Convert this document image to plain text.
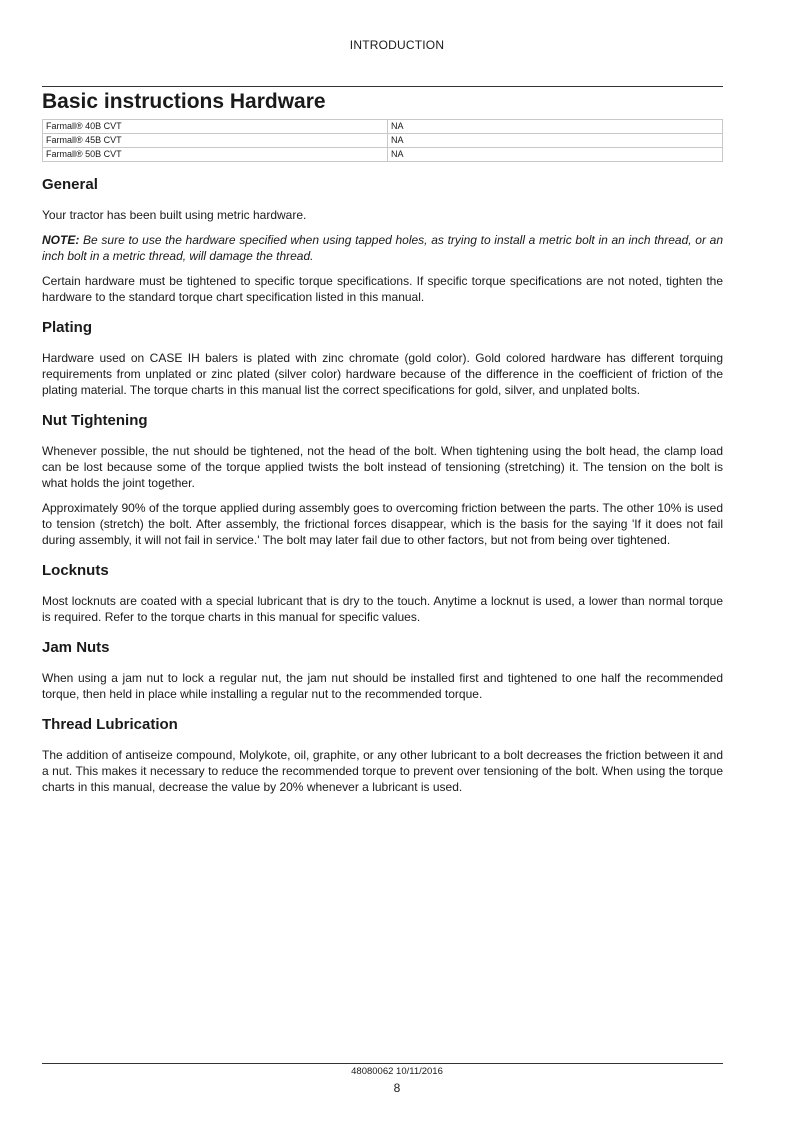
INTRODUCTION
Basic instructions Hardware
Farmall® 40B CVT	NA
Farmall® 45B CVT	NA
Farmall® 50B CVT	NA
General

Your tractor has been built using metric hardware.

NOTE: Be sure to use the hardware specified when using tapped holes, as trying to install a metric bolt in an inch thread, or an inch bolt in a metric thread, will damage the thread.

Certain hardware must be tightened to specific torque specifications. If specific torque specifications are not noted, tighten the hardware to the standard torque chart specification listed in this manual.

Plating

Hardware used on CASE IH balers is plated with zinc chromate (gold color). Gold colored hardware has different torquing requirements from unplated or zinc plated (silver color) hardware because of the difference in the coefficient of friction of the plating material. The torque charts in this manual list the correct specifications for gold, silver, and unplated bolts.

Nut Tightening

Whenever possible, the nut should be tightened, not the head of the bolt. When tightening using the bolt head, the clamp load can be lost because some of the torque applied twists the bolt instead of tensioning (stretching) it. The tension on the bolt is what holds the joint together.

Approximately 90% of the torque applied during assembly goes to overcoming friction between the parts. The other 10% is used to tension (stretch) the bolt. After assembly, the frictional forces disappear, which is the basis for the saying 'If it does not fail during assembly, it will not fail in service.' The bolt may later fail due to other factors, but not from being over tightened.

Locknuts

Most locknuts are coated with a special lubricant that is dry to the touch. Anytime a locknut is used, a lower than normal torque is required. Refer to the torque charts in this manual for specific values.

Jam Nuts

When using a jam nut to lock a regular nut, the jam nut should be installed first and tightened to one half the recommended torque, then held in place while installing a regular nut to the recommended torque.

Thread Lubrication

The addition of antiseize compound, Molykote, oil, graphite, or any other lubricant to a bolt decreases the friction between it and a nut. This makes it necessary to reduce the recommended torque to prevent over tensioning of the bolt. When using the torque charts in this manual, decrease the value by 20% whenever a lubricant is used.

48080062 10/11/2016
8
